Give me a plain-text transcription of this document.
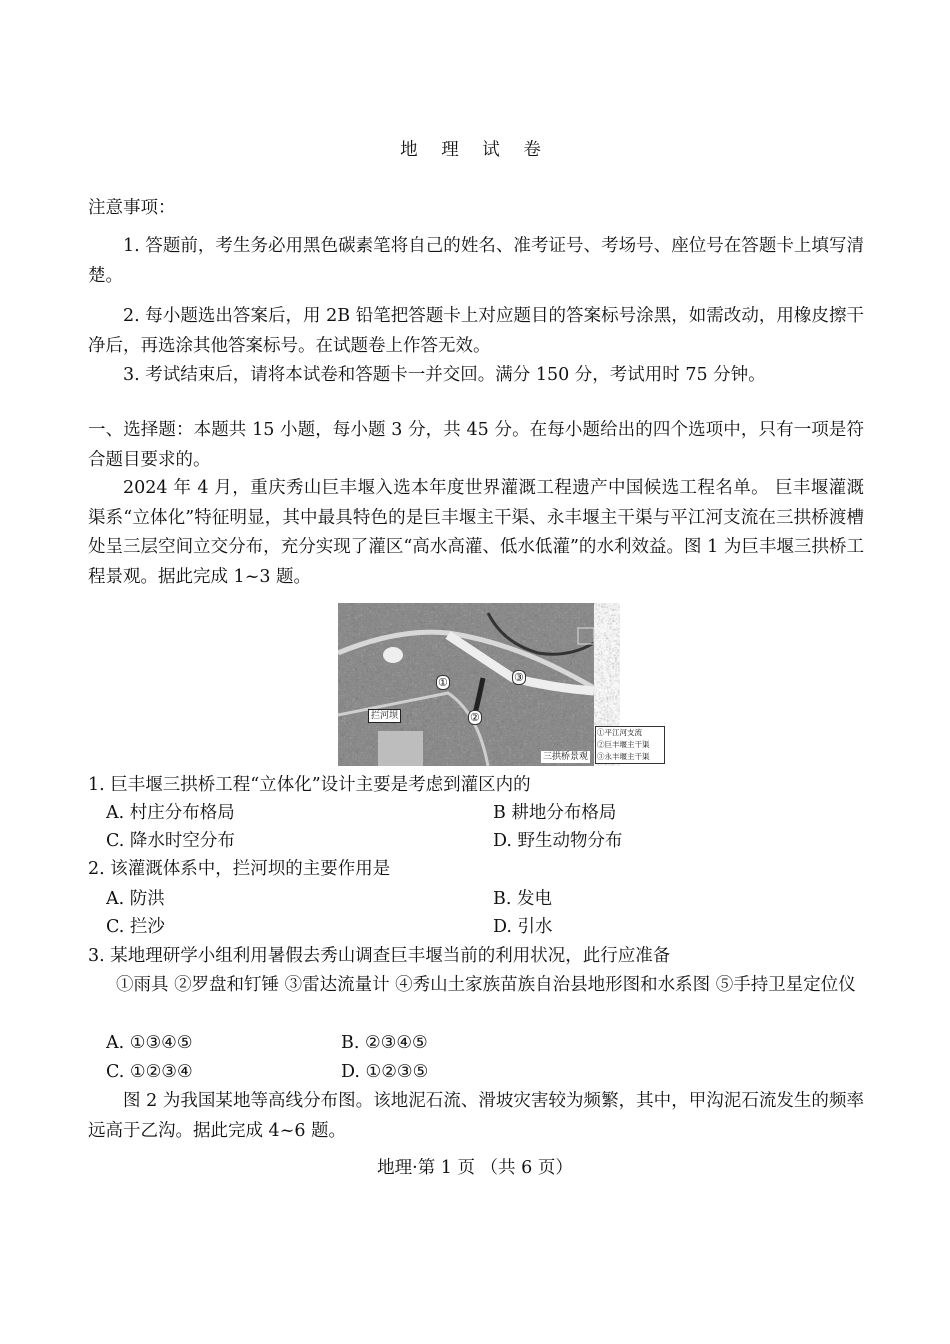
地 理 试 卷
注意事项：
1. 答题前，考生务必用黑色碳素笔将自己的姓名、准考证号、考场号、座位号在答题卡上填写清楚。
2. 每小题选出答案后，用 2B 铅笔把答题卡上对应题目的答案标号涂黑，如需改动，用橡皮擦干净后，再选涂其他答案标号。在试题卷上作答无效。
3. 考试结束后，请将本试卷和答题卡一并交回。满分 150 分，考试用时 75 分钟。
一、选择题：本题共 15 小题，每小题 3 分，共 45 分。在每小题给出的四个选项中，只有一项是符合题目要求的。
2024 年 4 月，重庆秀山巨丰堰入选本年度世界灌溉工程遗产中国候选工程名单。 巨丰堰灌溉渠系“立体化”特征明显，其中最具特色的是巨丰堰主干渠、永丰堰主干渠与平江河支流在三拱桥渡槽处呈三层空间立交分布，充分实现了灌区“高水高灌、低水低灌”的水利效益。图 1 为巨丰堰三拱桥工程景观。据此完成 1~3 题。
①
②
③
拦河坝
三拱桥景观
①平江河支流
②巨丰堰主干渠
③永丰堰主干渠
1. 巨丰堰三拱桥工程“立体化”设计主要是考虑到灌区内的
A. 村庄分布格局	B 耕地分布格局
C. 降水时空分布	D. 野生动物分布
2. 该灌溉体系中，拦河坝的主要作用是
A. 防洪	B. 发电
C. 拦沙	D. 引水
3. 某地理研学小组利用暑假去秀山调查巨丰堰当前的利用状况，此行应准备
①雨具 ②罗盘和钉锤 ③雷达流量计 ④秀山土家族苗族自治县地形图和水系图 ⑤手持卫星定位仪
A. ①③④⑤	B. ②③④⑤
C. ①②③④	D. ①②③⑤
图 2 为我国某地等高线分布图。该地泥石流、滑坡灾害较为频繁，其中，甲沟泥石流发生的频率远高于乙沟。据此完成 4~6 题。
地理·第 1 页 （共 6 页）
